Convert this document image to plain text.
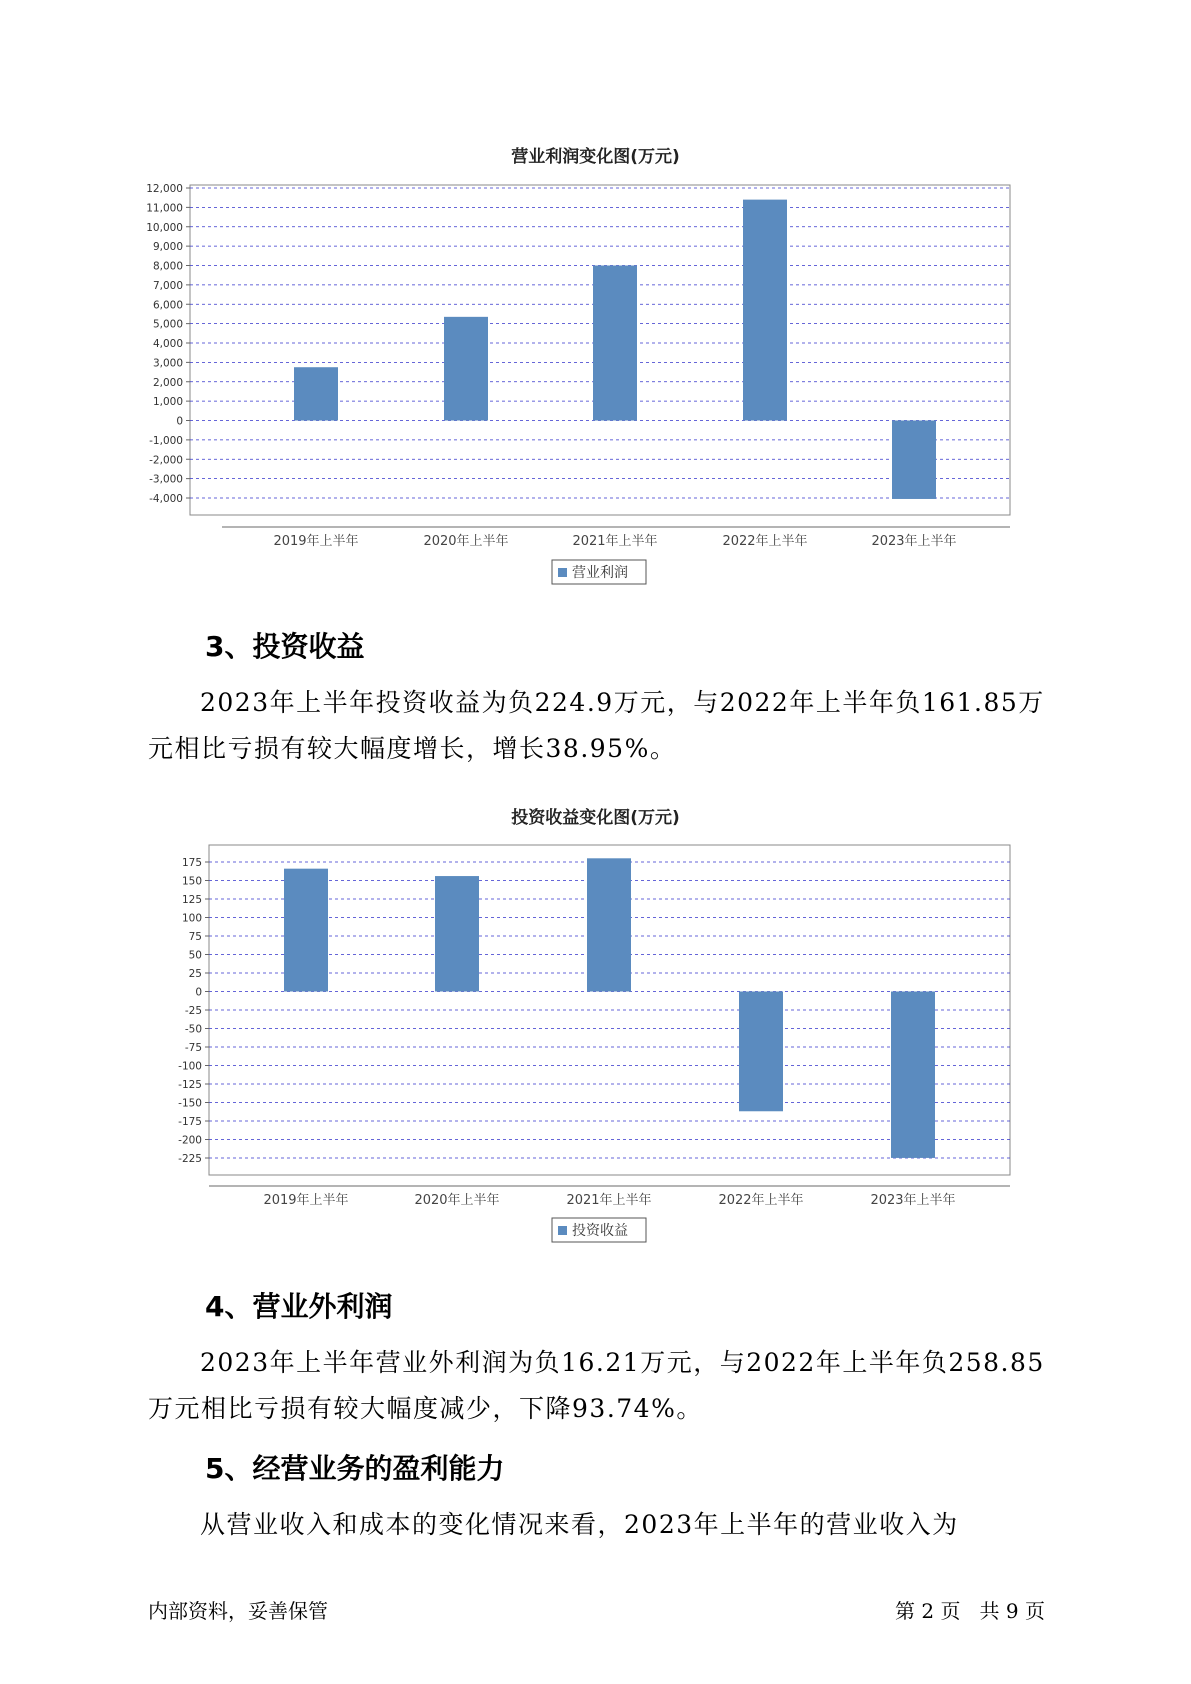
营业利润变化图(万元)
12,000
11,000
10,000
9,000
8,000
7,000
6,000
5,000
4,000
3,000
2,000
1,000
0
-1,000
-2,000
-3,000
-4,000
2019年上半年	2020年上半年	2021年上半年	2022年上半年	2023年上半年
营业利润
3、投资收益
2023年上半年投资收益为负224.9万元，与2022年上半年负161.85万元相比亏损有较大幅度增长，增长38.95%。
投资收益变化图(万元)
175
150
125
100
75
50
25
0
-25
-50
-75
-100
-125
-150
-175
-200
-225
2019年上半年	2020年上半年	2021年上半年	2022年上半年	2023年上半年
投资收益
4、营业外利润
2023年上半年营业外利润为负16.21万元，与2022年上半年负258.85万元相比亏损有较大幅度减少，下降93.74%。
5、经营业务的盈利能力
从营业收入和成本的变化情况来看，2023年上半年的营业收入为
内部资料，妥善保管	第 2 页   共 9 页
